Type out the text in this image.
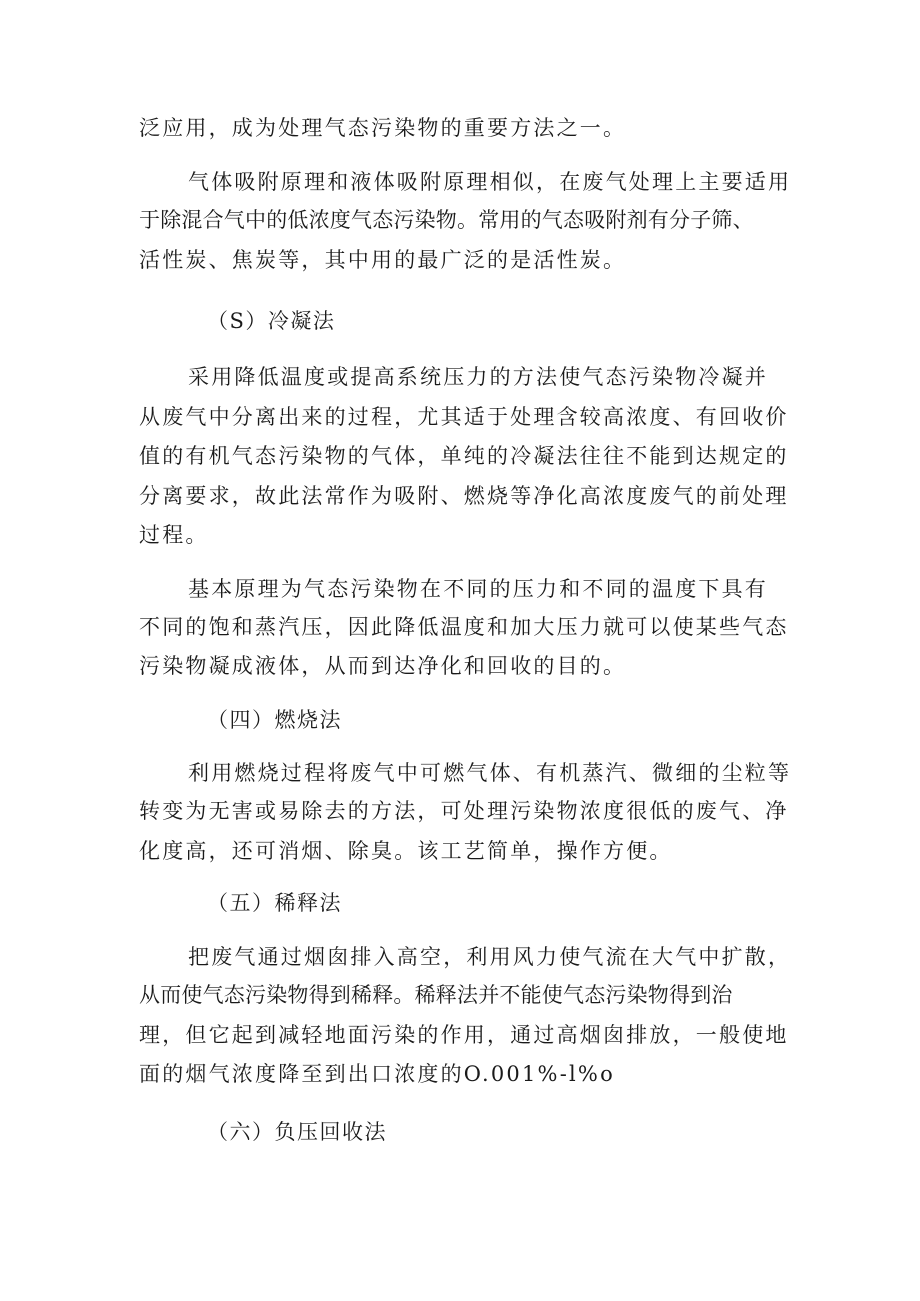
泛应用，成为处理气态污染物的重要方法之一。
气体吸附原理和液体吸附原理相似，在废气处理上主要适用
于除混合气中的低浓度气态污染物。常用的气态吸附剂有分子筛、
活性炭、焦炭等，其中用的最广泛的是活性炭。
（S）冷凝法
采用降低温度或提高系统压力的方法使气态污染物冷凝并
从废气中分离出来的过程，尤其适于处理含较高浓度、有回收价
值的有机气态污染物的气体，单纯的冷凝法往往不能到达规定的
分离要求，故此法常作为吸附、燃烧等净化高浓度废气的前处理
过程。
基本原理为气态污染物在不同的压力和不同的温度下具有
不同的饱和蒸汽压，因此降低温度和加大压力就可以使某些气态
污染物凝成液体，从而到达净化和回收的目的。
（四）燃烧法
利用燃烧过程将废气中可燃气体、有机蒸汽、微细的尘粒等
转变为无害或易除去的方法，可处理污染物浓度很低的废气、净
化度高，还可消烟、除臭。该工艺简单，操作方便。
（五）稀释法
把废气通过烟囱排入高空，利用风力使气流在大气中扩散，
从而使气态污染物得到稀释。稀释法并不能使气态污染物得到治
理，但它起到减轻地面污染的作用，通过高烟囱排放，一般使地
面的烟气浓度降至到出口浓度的O.001%-l%o
（六）负压回收法
